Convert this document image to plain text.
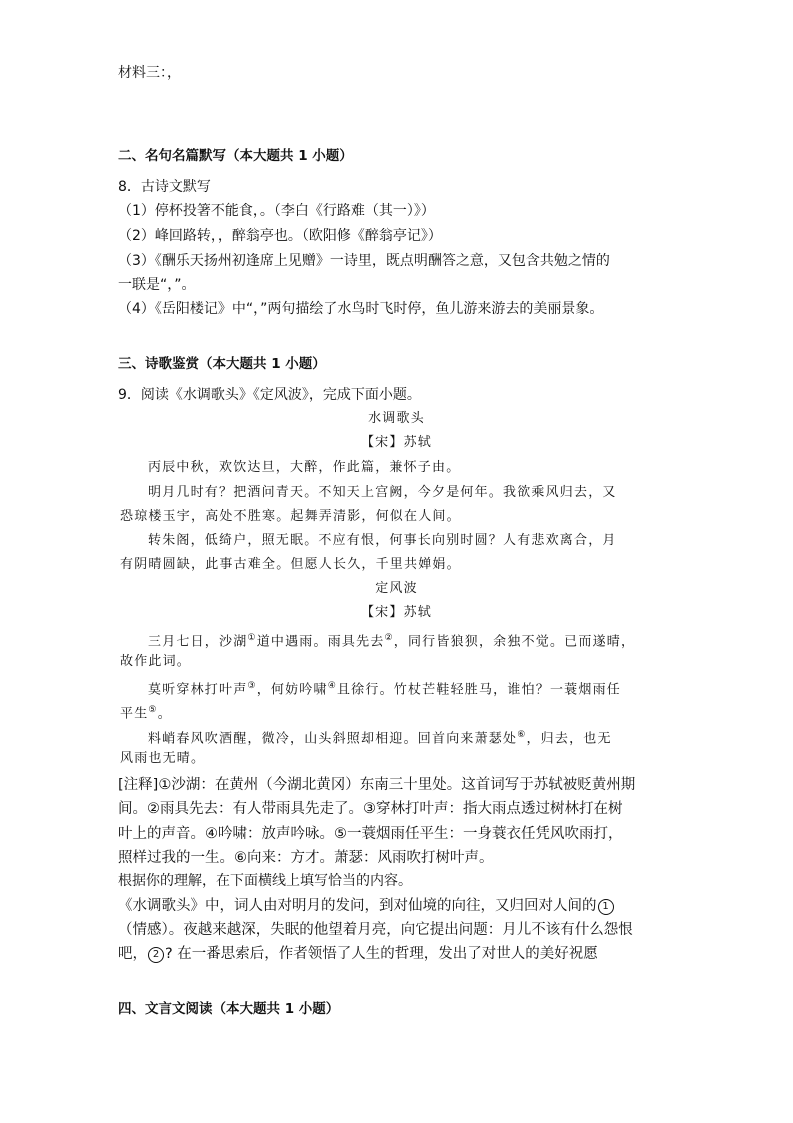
材料三：，
二、名句名篇默写（本大题共 1 小题）
8．古诗文默写
（1）停杯投箸不能食，。（李白《行路难（其一）》）
（2）峰回路转，，醉翁亭也。（欧阳修《醉翁亭记》）
（3）《酬乐天扬州初逢席上见赠》一诗里，既点明酬答之意，又包含共勉之情的
一联是“，”。
（4）《岳阳楼记》中“，”两句描绘了水鸟时飞时停，鱼儿游来游去的美丽景象。
三、诗歌鉴赏（本大题共 1 小题）
9．阅读《水调歌头》《定风波》，完成下面小题。
水调歌头
【宋】苏轼
丙辰中秋，欢饮达旦，大醉，作此篇，兼怀子由。
明月几时有？把酒问青天。不知天上宫阙，今夕是何年。我欲乘风归去，又
恐琼楼玉宇，高处不胜寒。起舞弄清影，何似在人间。
转朱阁，低绮户，照无眠。不应有恨，何事长向别时圆？人有悲欢离合，月
有阴晴圆缺，此事古难全。但愿人长久，千里共婵娟。
定风波
【宋】苏轼
三月七日，沙湖①道中遇雨。雨具先去②，同行皆狼狈，余独不觉。已而遂晴，
故作此词。
莫听穿林打叶声③，何妨吟啸④且徐行。竹杖芒鞋轻胜马，谁怕？一蓑烟雨任
平生⑤。
料峭春风吹酒醒，微冷，山头斜照却相迎。回首向来萧瑟处⑥，归去，也无
风雨也无晴。
[注释]①沙湖：在黄州（今湖北黄冈）东南三十里处。这首词写于苏轼被贬黄州期
间。②雨具先去：有人带雨具先走了。③穿林打叶声：指大雨点透过树林打在树
叶上的声音。④吟啸：放声吟咏。⑤一蓑烟雨任平生：一身蓑衣任凭风吹雨打，
照样过我的一生。⑥向来：方才。萧瑟：风雨吹打树叶声。
根据你的理解，在下面横线上填写恰当的内容。
《水调歌头》中，词人由对明月的发问，到对仙境的向往，又归回对人间的 1
（情感）。夜越来越深，失眠的他望着月亮，向它提出问题：月儿不该有什么怨恨
吧， 2 ? 在一番思索后，作者领悟了人生的哲理，发出了对世人的美好祝愿
四、文言文阅读（本大题共 1 小题）
